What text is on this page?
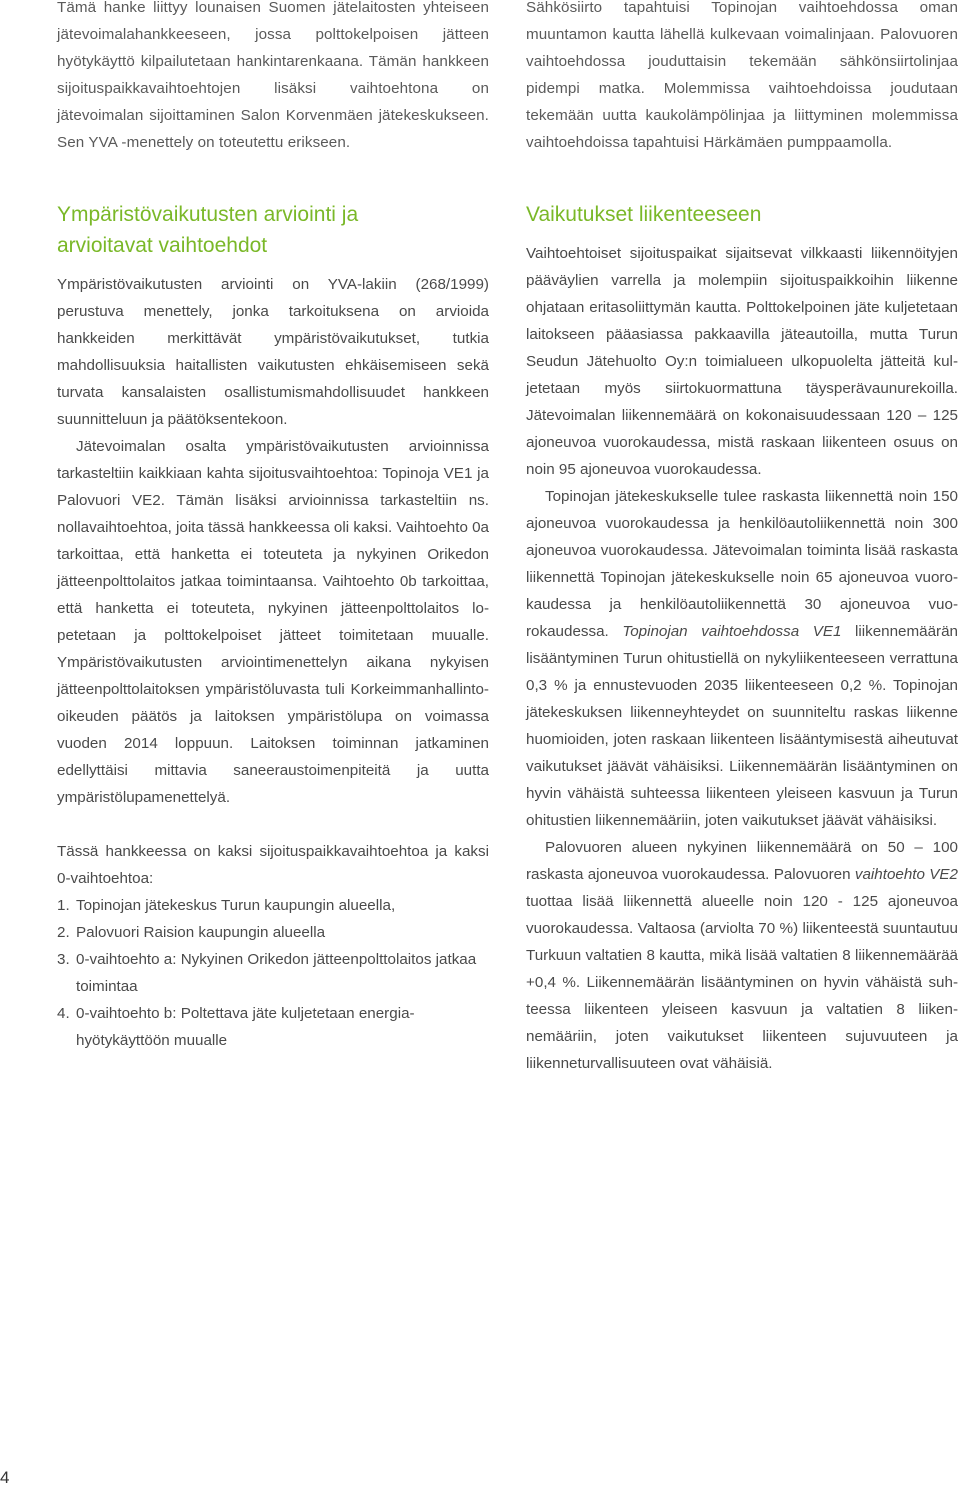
Tämä hanke liittyy lounaisen Suomen jätelaitosten yhteiseen jätevoimalahankkeeseen, jossa polttokelpoisen jätteen hyötykäyttö kilpailutetaan hankintarenkaana. Tämän hankkeen sijoituspaikkavaihtoehtojen lisäksi vaihtoehtona on jätevoimalan sijoittaminen Salon Korvenmäen jätekeskukseen. Sen YVA -menettely on toteutettu erikseen.

Ympäristövaikutusten arviointi ja
arvioitavat vaihtoehdot

Ympäristövaikutusten arviointi on YVA-lakiin (268/1999) perustuva menettely, jonka tarkoituksena on arvioida hankkeiden merkittävät ympäristövaikutukset, tutkia mahdollisuuksia haitallisten vaikutusten ehkäisemiseen sekä turvata kansalaisten osallistumismahdollisuudet hankkeen suunnitteluun ja päätöksentekoon.

Jätevoimalan osalta ympäristövaikutusten arvioinnissa tarkasteltiin kaikkiaan kahta sijoitusvaihtoehtoa: Topinoja VE1 ja Palovuori VE2. Tämän lisäksi arvioinnissa tarkasteltiin ns. nollavaihtoehtoa, joita tässä hankkeessa oli kaksi. Vaihtoehto 0a tarkoittaa, että hanketta ei toteuteta ja nykyinen Orikedon jätteenpolttolaitos jatkaa toimintaansa. Vaihtoehto 0b tarkoittaa, että hanketta ei toteuteta, nykyinen jätteenpolttolaitos lopetetaan ja polttokelpoiset jätteet toimitetaan muualle. Ympäristövaikutusten arviointimenettelyn aikana nykyisen jätteenpolttolaitoksen ympäristöluvasta tuli Korkeimmanhallinto-oikeuden päätös ja laitoksen ympäristölupa on voimassa vuoden 2014 loppuun. Laitoksen toiminnan jatkaminen edellyttäisi mittavia saneeraustoimenpiteitä ja uutta ympäristölupamenettelyä.

Tässä hankkeessa on kaksi sijoituspaikkavaihtoehtoa ja kaksi 0-vaihtoehtoa:

1. Topinojan jätekeskus Turun kaupungin alueella,
2. Palovuori Raision kaupungin alueella
3. 0-vaihtoehto a: Nykyinen Orikedon jätteenpolttolaitos jatkaa toimintaa
4. 0-vaihtoehto b: Poltettava jäte kuljetetaan energiahyötykäyttöön muualle

Sähkösiirto tapahtuisi Topinojan vaihtoehdossa oman muuntamon kautta lähellä kulkevaan voimalinjaan. Palovuoren vaihtoehdossa jouduttaisin tekemään sähkönsiirtolinjaa pidempi matka. Molemmissa vaihtoehdoissa joudutaan tekemään uutta kaukolämpölinjaa ja liittyminen molemmissa vaihtoehdoissa tapahtuisi Härkämäen pumppaamolla.

Vaikutukset liikenteeseen

Vaihtoehtoiset sijoituspaikat sijaitsevat vilkkaasti liikennöityjen pääväylien varrella ja molempiin sijoituspaikkoihin liikenne ohjataan eritasoliittymän kautta. Polttokelpoinen jäte kuljetetaan laitokseen pääasiassa pakkaavilla jäteautoilla, mutta Turun Seudun Jätehuolto Oy:n toimialueen ulkopuolelta jätteitä kuljetetaan myös siirtokuormattuna täysperävaunurekoilla. Jätevoimalan liikennemäärä on kokonaisuudessaan 120 – 125 ajoneuvoa vuorokaudessa, mistä raskaan liikenteen osuus on noin 95 ajoneuvoa vuorokaudessa.

Topinojan jätekeskukselle tulee raskasta liikennettä noin 150 ajoneuvoa vuorokaudessa ja henkilöautoliikennettä noin 300 ajoneuvoa vuorokaudessa. Jätevoimalan toiminta lisää raskasta liikennettä Topinojan jätekeskukselle noin 65 ajoneuvoa vuorokaudessa ja henkilöautoliikennettä 30 ajoneuvoa vuorokaudessa. Topinojan vaihtoehdossa VE1 liikennemäärän lisääntyminen Turun ohitustiellä on nykyliikenteeseen verrattuna 0,3 % ja ennustevuoden 2035 liikenteeseen 0,2 %. Topinojan jätekeskuksen liikenneyhteydet on suunniteltu raskas liikenne huomioiden, joten raskaan liikenteen lisääntymisestä aiheutuvat vaikutukset jäävät vähäisiksi. Liikennemäärän lisääntyminen on hyvin vähäistä suhteessa liikenteen yleiseen kasvuun ja Turun ohitustien liikennemääriin, joten vaikutukset jäävät vähäisiksi.

Palovuoren alueen nykyinen liikennemäärä on 50 – 100 raskasta ajoneuvoa vuorokaudessa. Palovuoren vaihtoehto VE2 tuottaa lisää liikennettä alueelle noin 120 - 125 ajoneuvoa vuorokaudessa. Valtaosa (arviolta 70 %) liikenteestä suuntautuu Turkuun valtatien 8 kautta, mikä lisää valtatien 8 liikennemäärää +0,4 %. Liikennemäärän lisääntyminen on hyvin vähäistä suhteessa liikenteen yleiseen kasvuun ja valtatien 8 liikennemääriin, joten vaikutukset liikenteen sujuvuuteen ja liikenneturvallisuuteen ovat vähäisiä.

4
